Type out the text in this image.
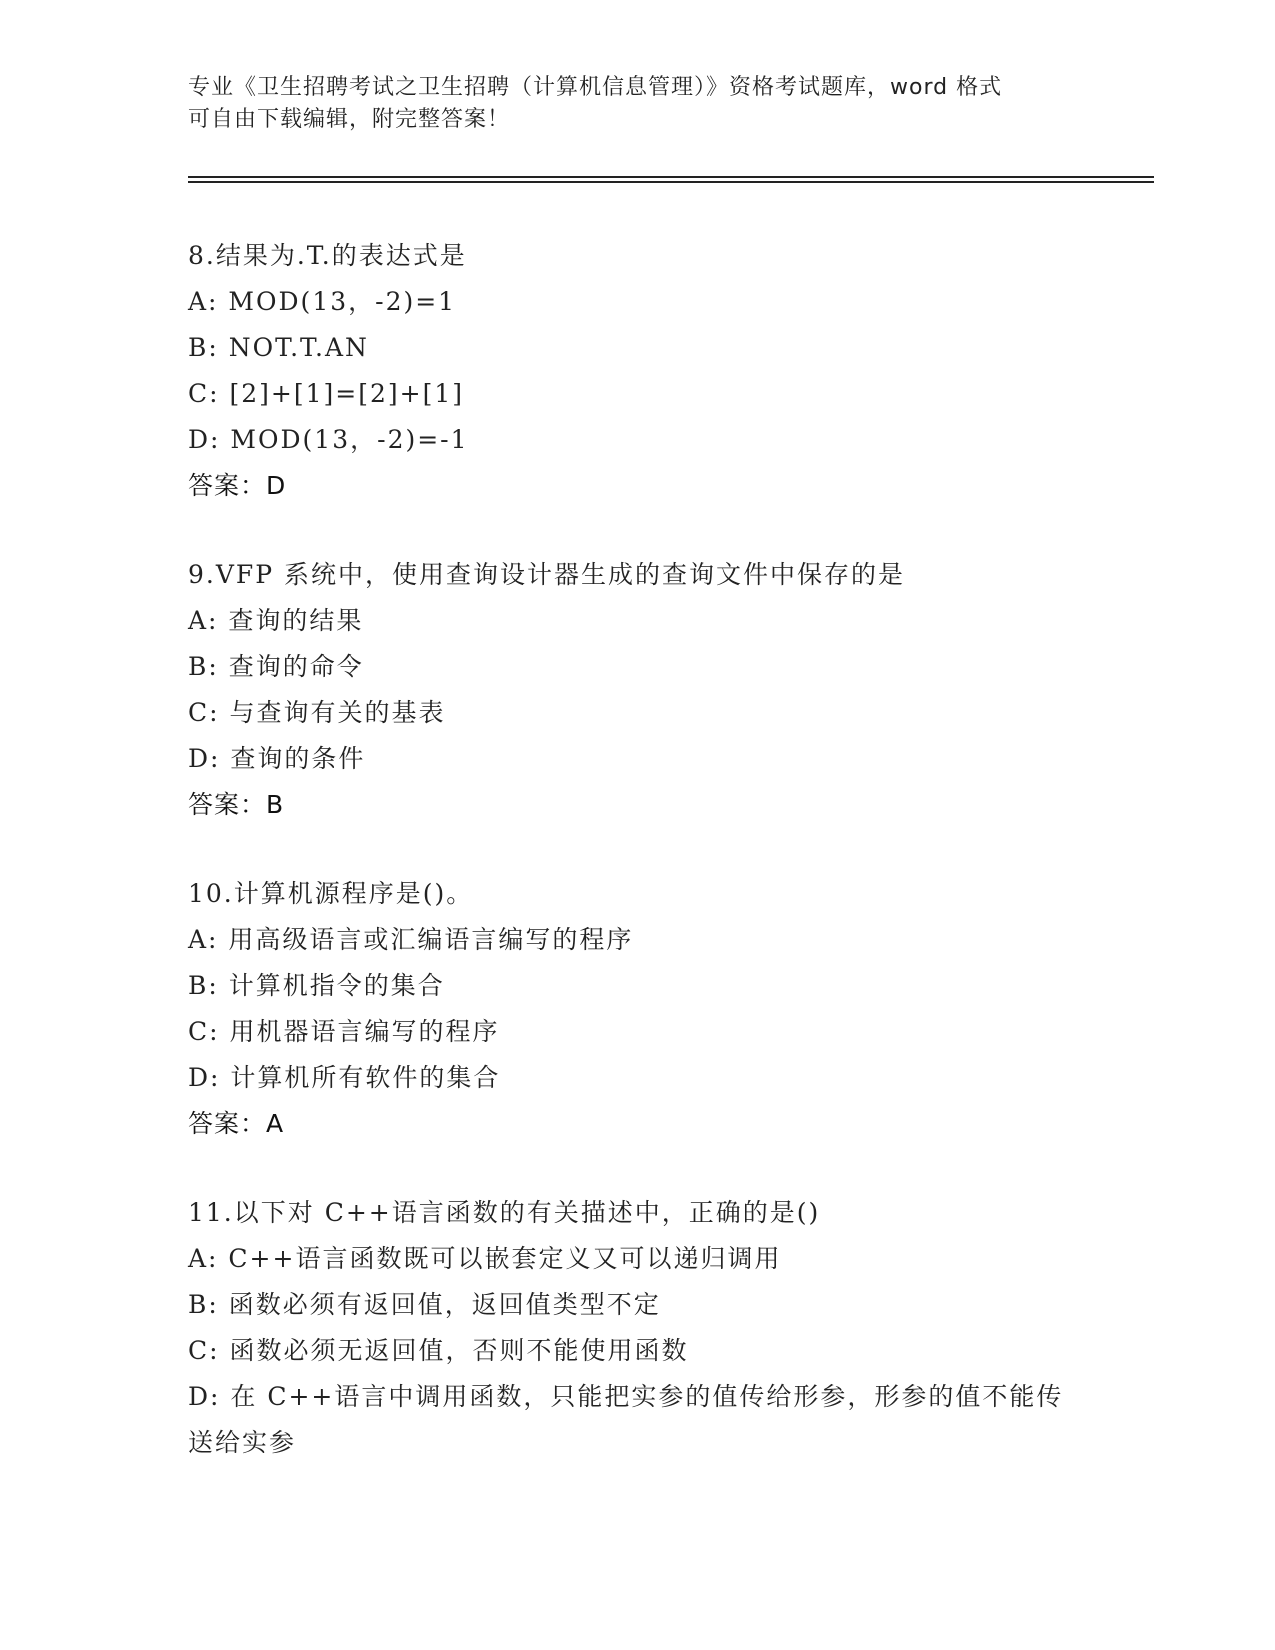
专业《卫生招聘考试之卫生招聘（计算机信息管理）》资格考试题库，word 格式

可自由下载编辑，附完整答案！

8.结果为.T.的表达式是
A: MOD(13，-2)=1
B: NOT.T.AN
C: [2]+[1]=[2]+[1]
D: MOD(13，-2)=-1
答案：D
9.VFP 系统中，使用查询设计器生成的查询文件中保存的是
A: 查询的结果
B: 查询的命令
C: 与查询有关的基表
D: 查询的条件
答案：B
10.计算机源程序是()。
A: 用高级语言或汇编语言编写的程序
B: 计算机指令的集合
C: 用机器语言编写的程序
D: 计算机所有软件的集合
答案：A
11.以下对 C++语言函数的有关描述中，正确的是()
A: C++语言函数既可以嵌套定义又可以递归调用
B: 函数必须有返回值，返回值类型不定
C: 函数必须无返回值，否则不能使用函数
D: 在 C++语言中调用函数，只能把实参的值传给形参，形参的值不能传送给实参
